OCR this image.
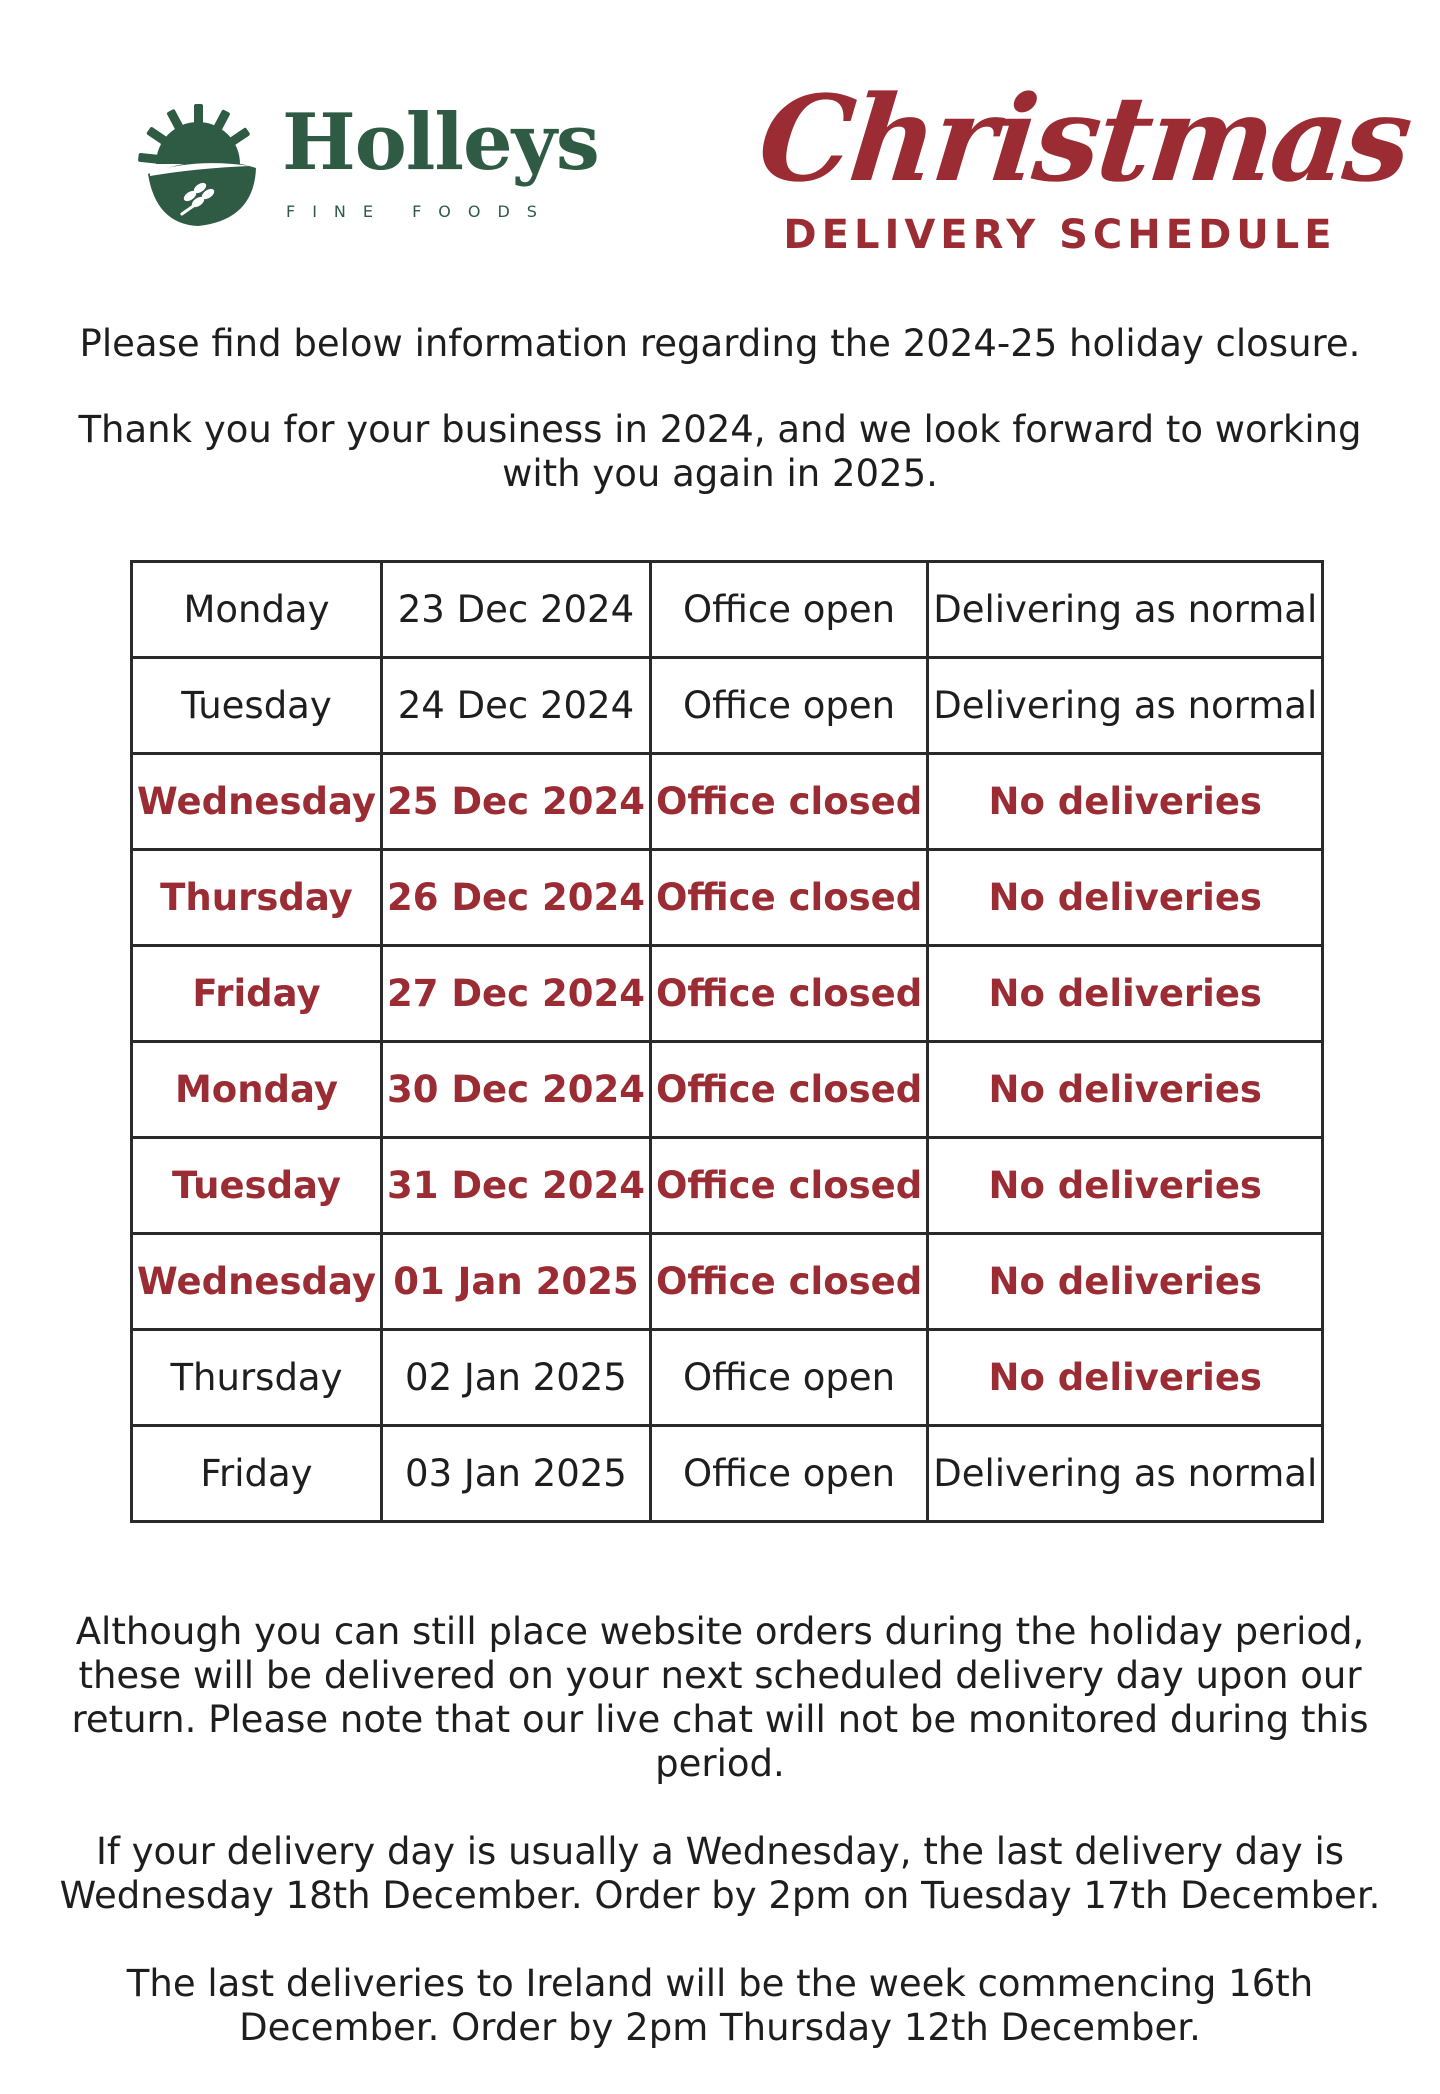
Holleys
FINE FOODS
Christmas
DELIVERY SCHEDULE

Please find below information regarding the 2024-25 holiday closure.

Thank you for your business in 2024, and we look forward to working with you again in 2025.

Monday	23 Dec 2024	Office open	Delivering as normal
Tuesday	24 Dec 2024	Office open	Delivering as normal
Wednesday	25 Dec 2024	Office closed	No deliveries
Thursday	26 Dec 2024	Office closed	No deliveries
Friday	27 Dec 2024	Office closed	No deliveries
Monday	30 Dec 2024	Office closed	No deliveries
Tuesday	31 Dec 2024	Office closed	No deliveries
Wednesday	01 Jan 2025	Office closed	No deliveries
Thursday	02 Jan 2025	Office open	No deliveries
Friday	03 Jan 2025	Office open	Delivering as normal

Although you can still place website orders during the holiday period, these will be delivered on your next scheduled delivery day upon our return. Please note that our live chat will not be monitored during this period.

If your delivery day is usually a Wednesday, the last delivery day is Wednesday 18th December. Order by 2pm on Tuesday 17th December.

The last deliveries to Ireland will be the week commencing 16th December. Order by 2pm Thursday 12th December.
